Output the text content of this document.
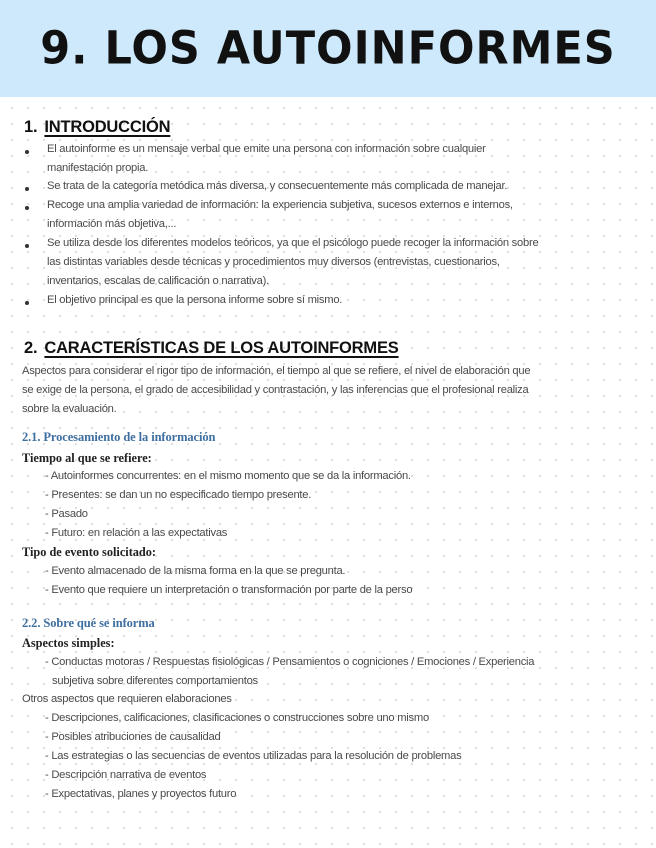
9. LOS AUTOINFORMES
1. INTRODUCCIÓN
El autoinforme es un mensaje verbal que emite una persona con información sobre cualquier
manifestación propia.
Se trata de la categoría metódica más diversa, y consecuentemente más complicada de manejar.
Recoge una amplia variedad de información: la experiencia subjetiva, sucesos externos e internos,
información más objetiva,...
Se utiliza desde los diferentes modelos teóricos, ya que el psicólogo puede recoger la información sobre
las distintas variables desde técnicas y procedimientos muy diversos (entrevistas, cuestionarios,
inventarios, escalas de calificación o narrativa).
El objetivo principal es que la persona informe sobre sí mismo.
2. CARACTERÍSTICAS DE LOS AUTOINFORMES
Aspectos para considerar el rigor tipo de información, el tiempo al que se refiere, el nivel de elaboración que
se exige de la persona, el grado de accesibilidad y contrastación, y las inferencias que el profesional realiza
sobre la evaluación.
2.1. Procesamiento de la información
Tiempo al que se refiere:
- Autoinformes concurrentes: en el mismo momento que se da la información.
- Presentes: se dan un no especificado tiempo presente.
- Pasado
- Futuro: en relación a las expectativas
Tipo de evento solicitado:
- Evento almacenado de la misma forma en la que se pregunta.
- Evento que requiere un interpretación o transformación por parte de la perso
2.2. Sobre qué se informa
Aspectos simples:
- Conductas motoras / Respuestas fisiológicas / Pensamientos o cogniciones / Emociones / Experiencia
subjetiva sobre diferentes comportamientos
Otros aspectos que requieren elaboraciones
- Descripciones, calificaciones, clasificaciones o construcciones sobre uno mismo
- Posibles atribuciones de causalidad
- Las estrategias o las secuencias de eventos utilizadas para la resolución de problemas
- Descripción narrativa de eventos
- Expectativas, planes y proyectos futuro
